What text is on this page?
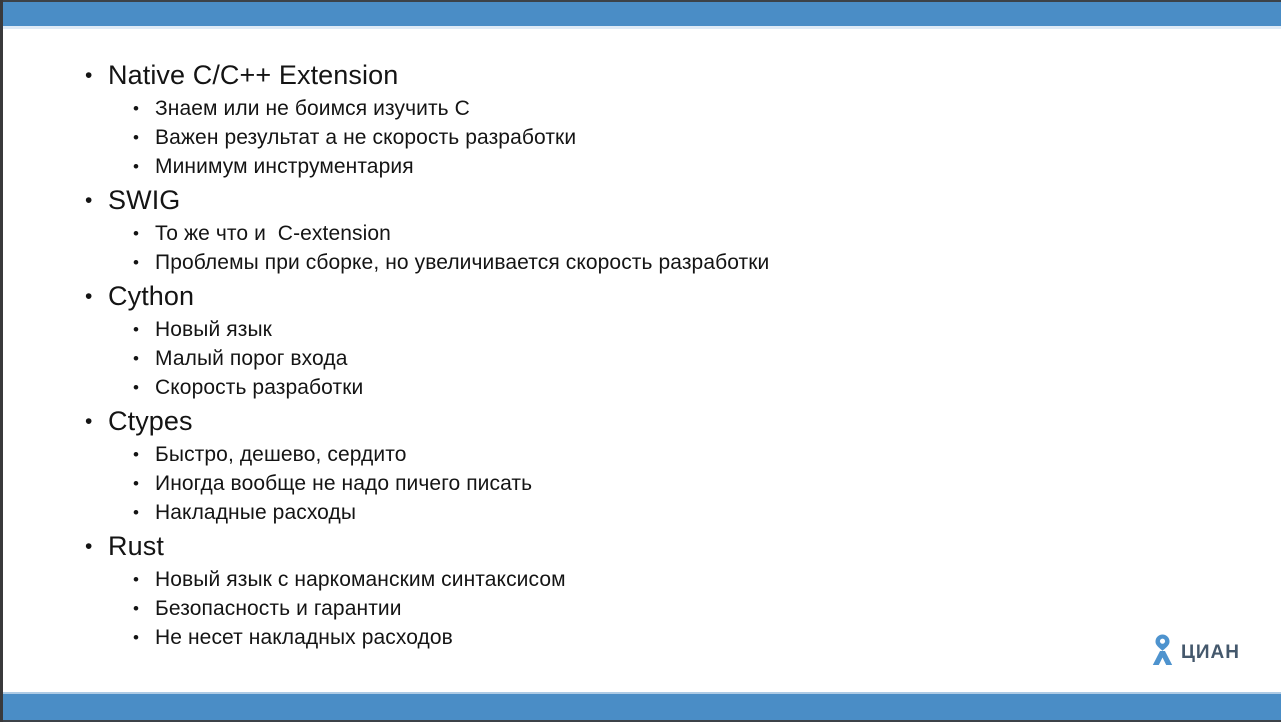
•
Native C/C++ Extension
•
Знаем или не боимся изучить C
•
Важен результат а не скорость разработки
•
Минимум инструментария
•
SWIG
•
То же что и  C-extension
•
Проблемы при сборке, но увеличивается скорость разработки
•
Cython
•
Новый язык
•
Малый порог входа
•
Скорость разработки
•
Ctypes
•
Быстро, дешево, сердито
•
Иногда вообще не надо пичего писать
•
Накладные расходы
•
Rust
•
Новый язык с наркоманским синтаксисом
•
Безопасность и гарантии
•
Не несет накладных расходов
ЦИАН
